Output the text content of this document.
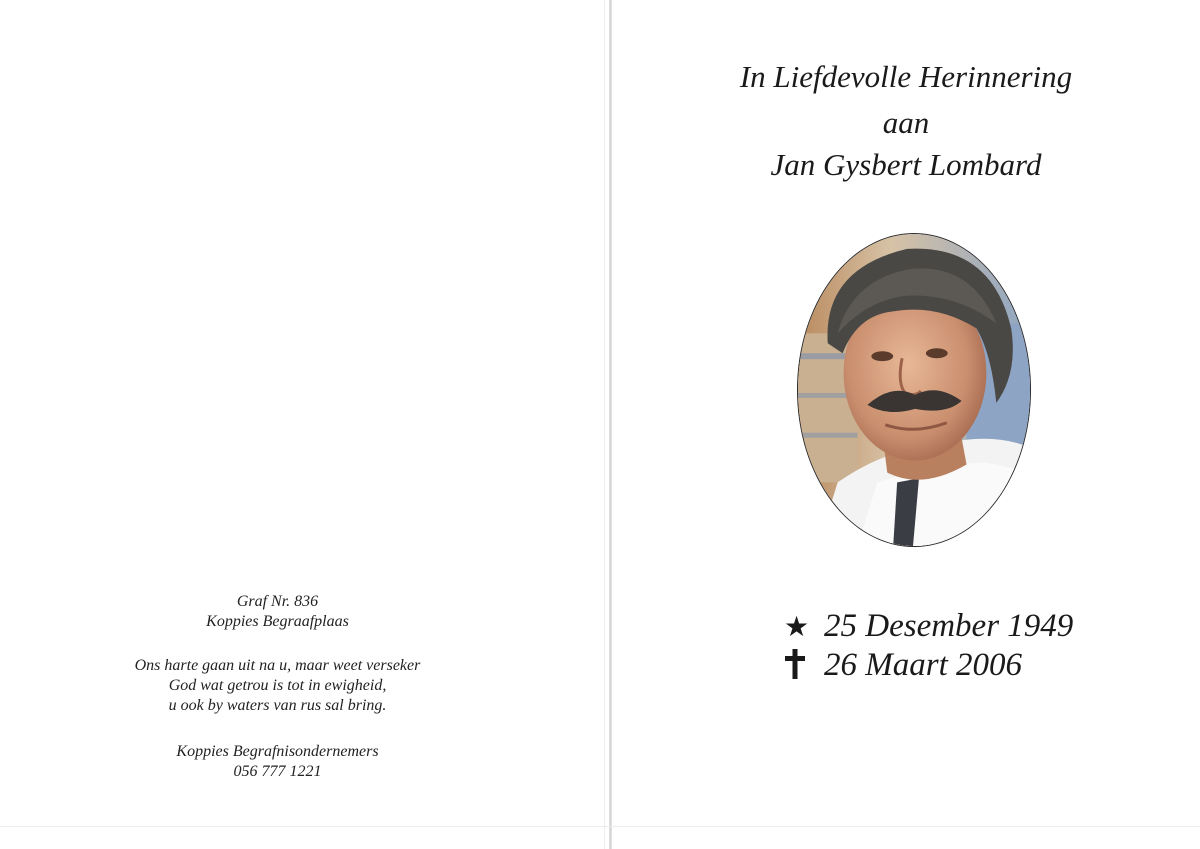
Graf Nr. 836
Koppies Begraafplaas
Ons harte gaan uit na u, maar weet verseker
God wat getrou is tot in ewigheid,
u ook by waters van rus sal bring.
Koppies Begrafnisondernemers
056 777 1221
In Liefdevolle Herinnering
aan
Jan Gysbert Lombard
★ 25 Desember 1949
26 Maart 2006
